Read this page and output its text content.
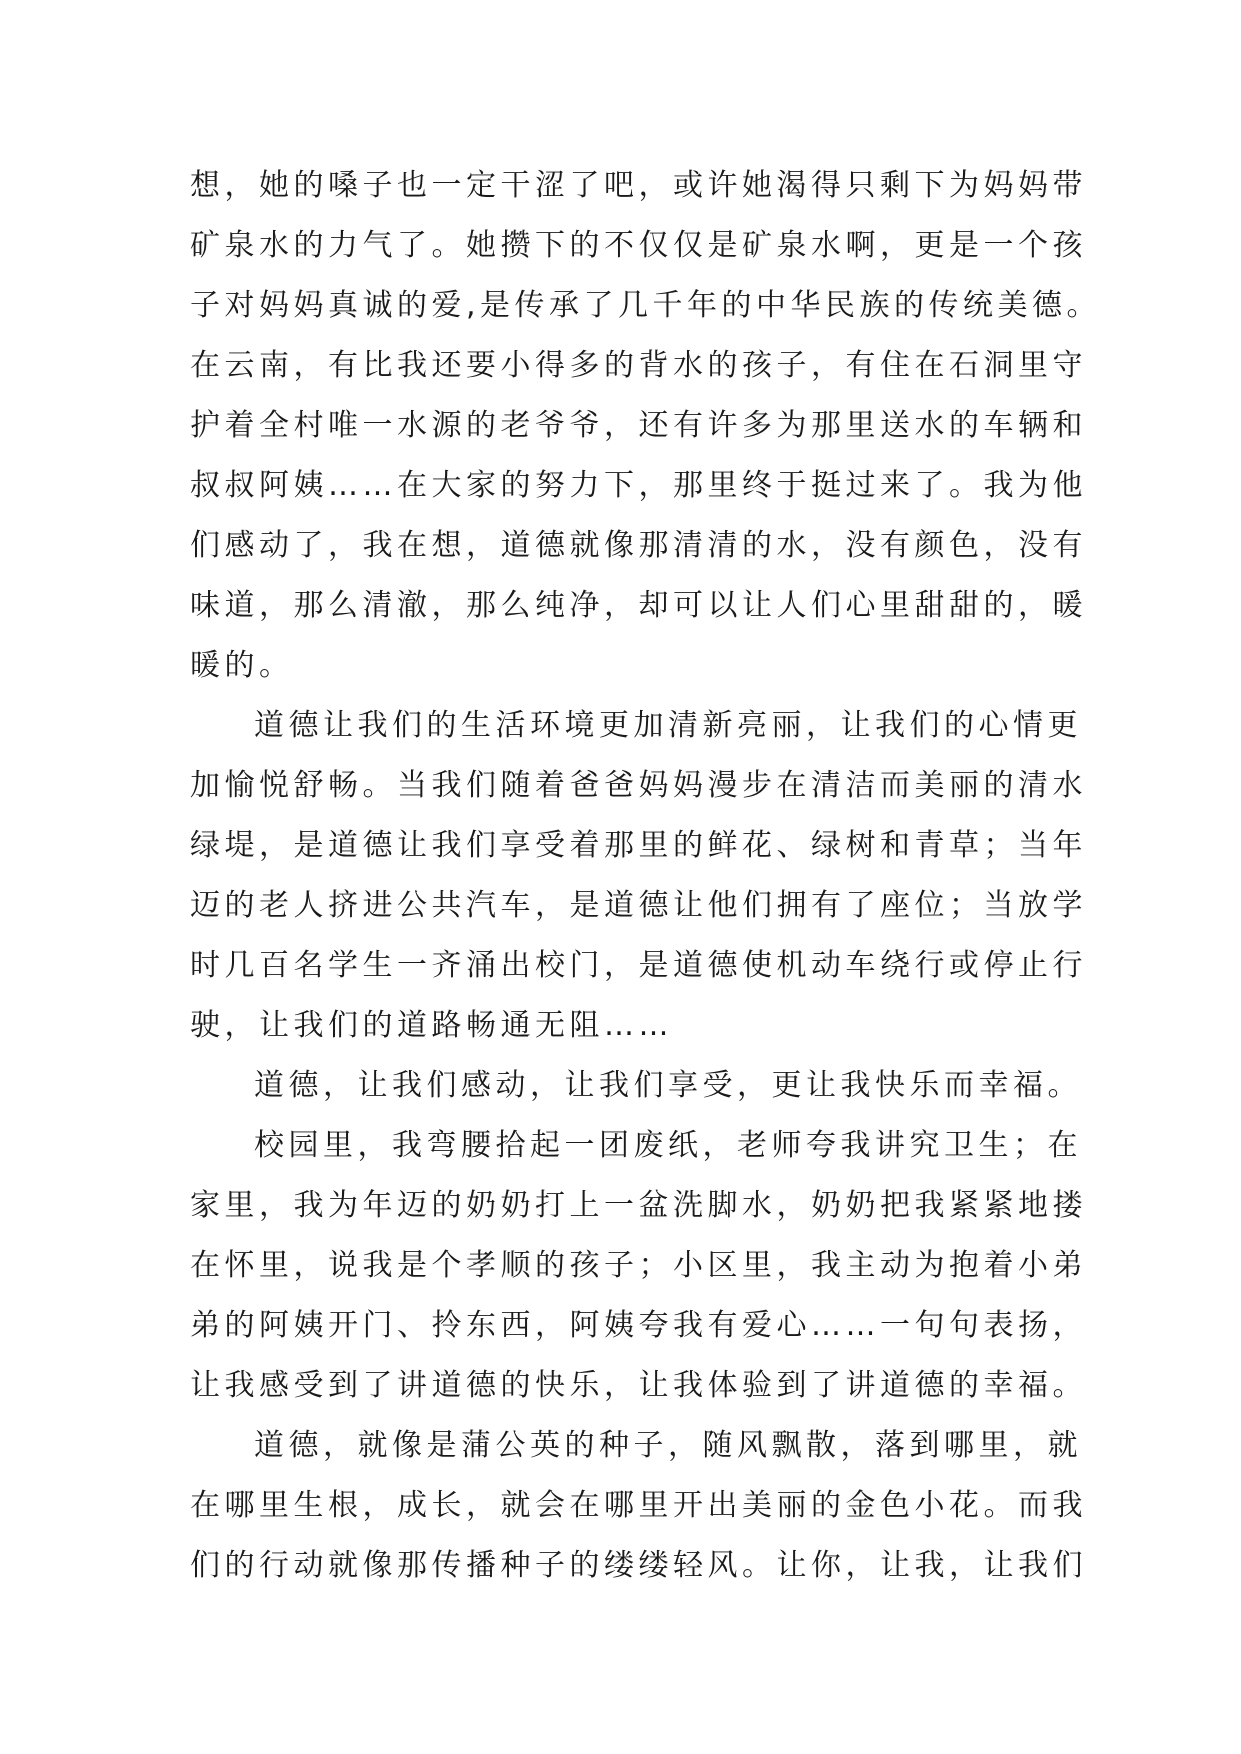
想，她的嗓子也一定干涩了吧，或许她渴得只剩下为妈妈带
矿泉水的力气了。她攒下的不仅仅是矿泉水啊，更是一个孩
子对妈妈真诚的爱,是传承了几千年的中华民族的传统美德。
在云南，有比我还要小得多的背水的孩子，有住在石洞里守
护着全村唯一水源的老爷爷，还有许多为那里送水的车辆和
叔叔阿姨……在大家的努力下，那里终于挺过来了。我为他
们感动了，我在想，道德就像那清清的水，没有颜色，没有
味道，那么清澈，那么纯净，却可以让人们心里甜甜的，暖
暖的。
道德让我们的生活环境更加清新亮丽，让我们的心情更
加愉悦舒畅。当我们随着爸爸妈妈漫步在清洁而美丽的清水
绿堤，是道德让我们享受着那里的鲜花、绿树和青草；当年
迈的老人挤进公共汽车，是道德让他们拥有了座位；当放学
时几百名学生一齐涌出校门，是道德使机动车绕行或停止行
驶，让我们的道路畅通无阻……
道德，让我们感动，让我们享受，更让我快乐而幸福。
校园里，我弯腰拾起一团废纸，老师夸我讲究卫生；在
家里，我为年迈的奶奶打上一盆洗脚水，奶奶把我紧紧地搂
在怀里，说我是个孝顺的孩子；小区里，我主动为抱着小弟
弟的阿姨开门、拎东西，阿姨夸我有爱心……一句句表扬，
让我感受到了讲道德的快乐，让我体验到了讲道德的幸福。
道德，就像是蒲公英的种子，随风飘散，落到哪里，就
在哪里生根，成长，就会在哪里开出美丽的金色小花。而我
们的行动就像那传播种子的缕缕轻风。让你，让我，让我们
